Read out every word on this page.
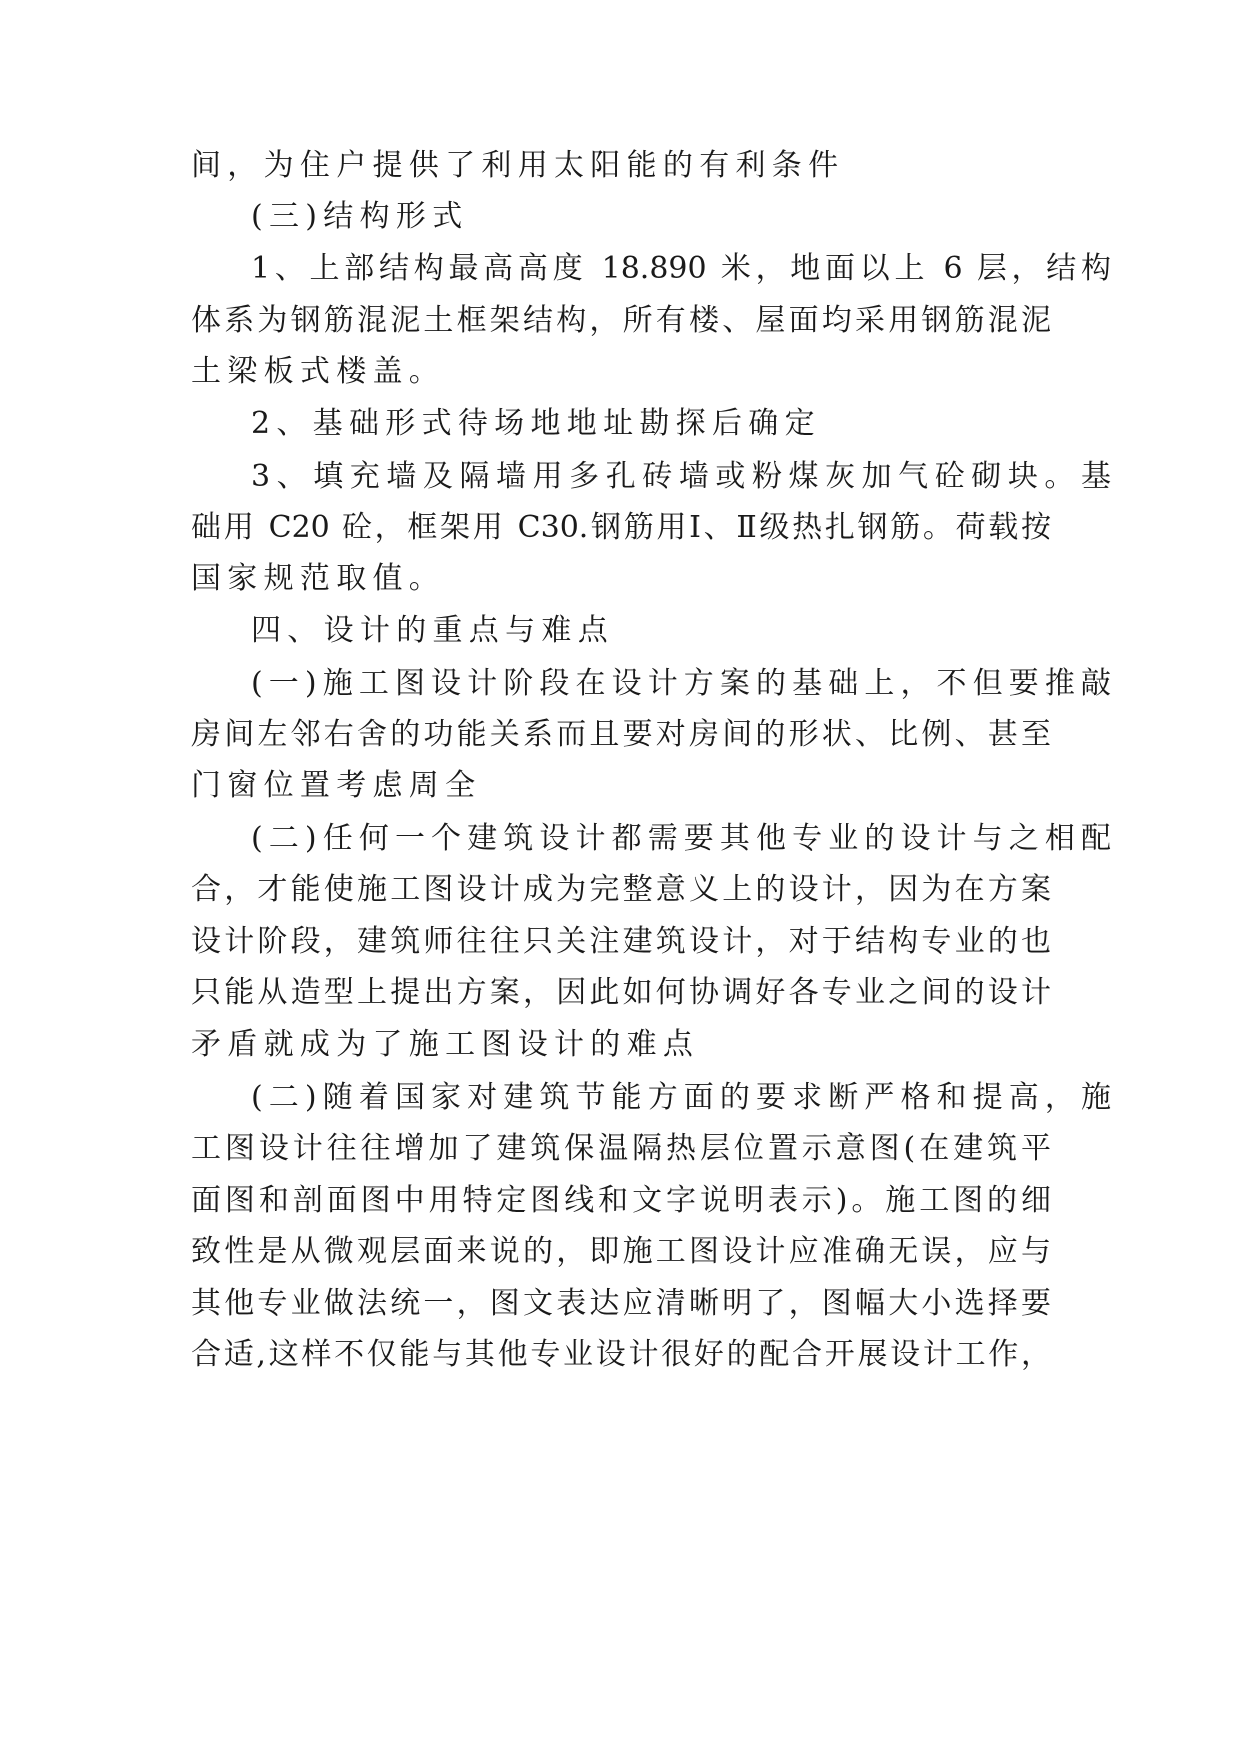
间，为住户提供了利用太阳能的有利条件
(三)结构形式
1、上部结构最高高度 18.890 米，地面以上 6 层，结构
体系为钢筋混泥土框架结构，所有楼、屋面均采用钢筋混泥
土梁板式楼盖。
2、基础形式待场地地址勘探后确定
3、填充墙及隔墙用多孔砖墙或粉煤灰加气砼砌块。基
础用 C20 砼，框架用 C30.钢筋用Ⅰ、Ⅱ级热扎钢筋。荷载按
国家规范取值。
四、设计的重点与难点
(一)施工图设计阶段在设计方案的基础上，不但要推敲
房间左邻右舍的功能关系而且要对房间的形状、比例、甚至
门窗位置考虑周全
(二)任何一个建筑设计都需要其他专业的设计与之相配
合，才能使施工图设计成为完整意义上的设计，因为在方案
设计阶段，建筑师往往只关注建筑设计，对于结构专业的也
只能从造型上提出方案，因此如何协调好各专业之间的设计
矛盾就成为了施工图设计的难点
(二)随着国家对建筑节能方面的要求断严格和提高，施
工图设计往往增加了建筑保温隔热层位置示意图(在建筑平
面图和剖面图中用特定图线和文字说明表示)。施工图的细
致性是从微观层面来说的，即施工图设计应准确无误，应与
其他专业做法统一，图文表达应清晰明了，图幅大小选择要
合适,这样不仅能与其他专业设计很好的配合开展设计工作，
